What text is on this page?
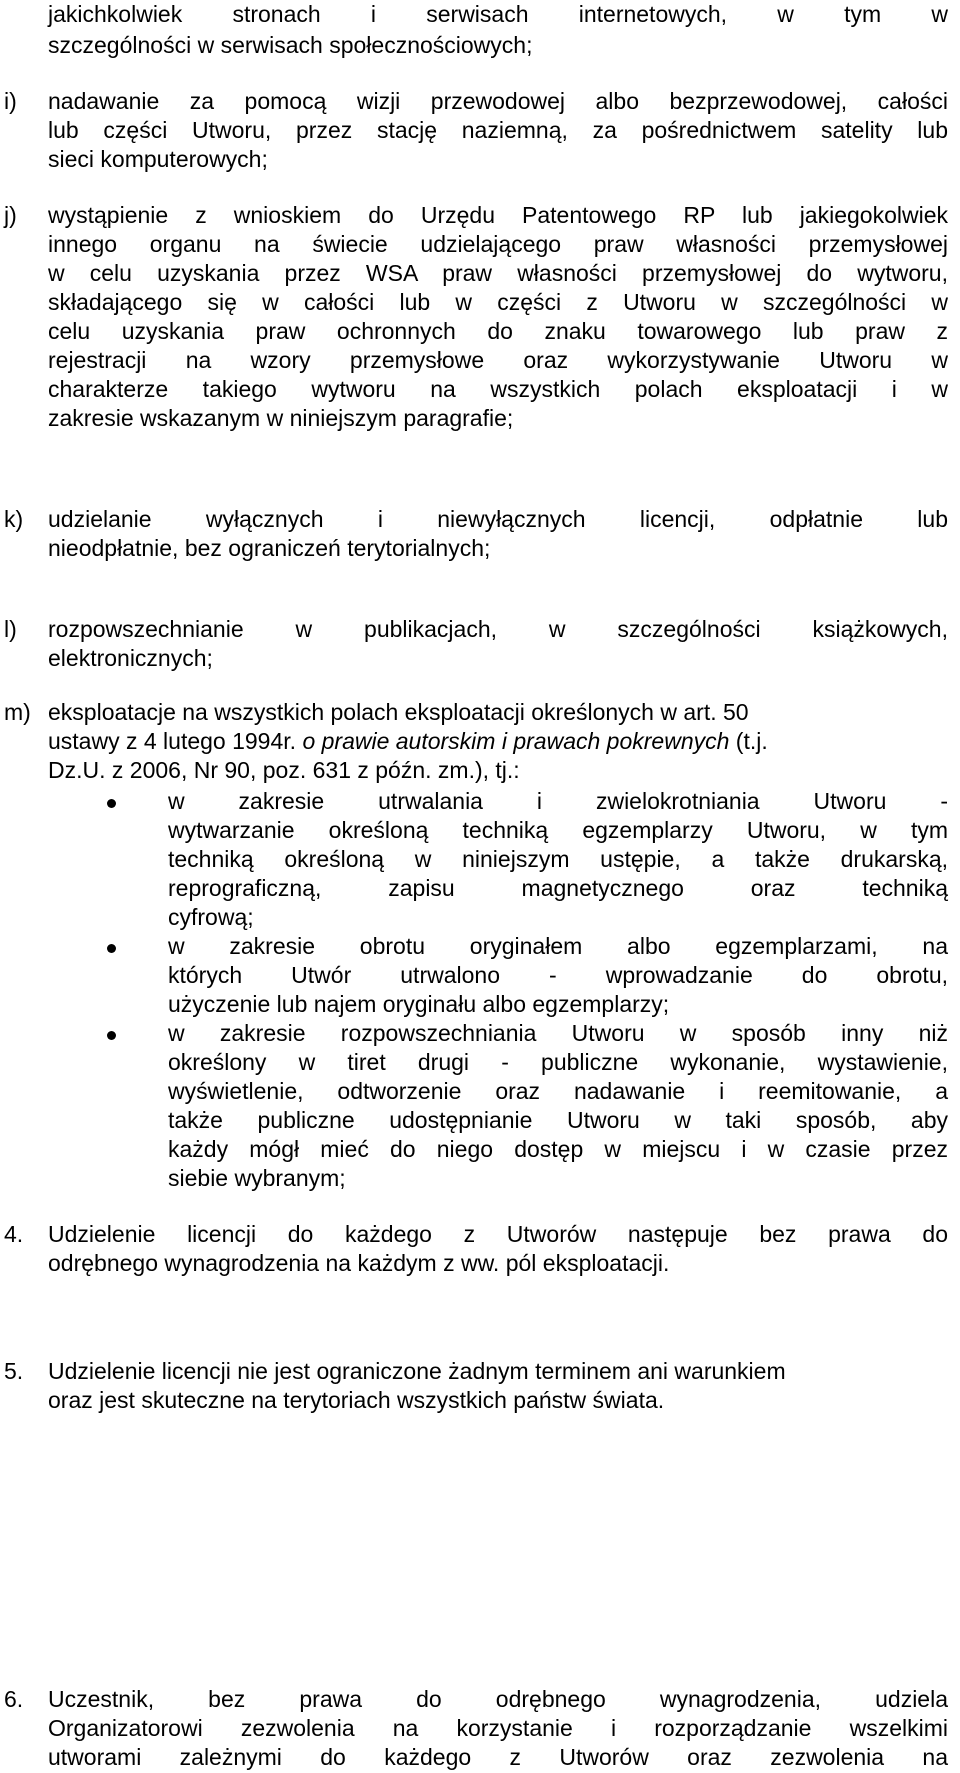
jakichkolwiek stronach i serwisach internetowych, w tym w
szczególności w serwisach społecznościowych;
i) nadawanie za pomocą wizji przewodowej albo bezprzewodowej, całości
lub części Utworu, przez stację naziemną, za pośrednictwem satelity lub
sieci komputerowych;
j) wystąpienie z wnioskiem do Urzędu Patentowego RP lub jakiegokolwiek
innego organu na świecie udzielającego praw własności przemysłowej
w celu uzyskania przez WSA praw własności przemysłowej do wytworu,
składającego się w całości lub w części z Utworu w szczególności w
celu uzyskania praw ochronnych do znaku towarowego lub praw z
rejestracji na wzory przemysłowe oraz wykorzystywanie Utworu w
charakterze takiego wytworu na wszystkich polach eksploatacji i w
zakresie wskazanym w niniejszym paragrafie;
k) udzielanie wyłącznych i niewyłącznych licencji, odpłatnie lub
nieodpłatnie, bez ograniczeń terytorialnych;
l) rozpowszechnianie w publikacjach, w szczególności książkowych,
elektronicznych;
m) eksploatacje na wszystkich polach eksploatacji określonych w art. 50
ustawy z 4 lutego 1994r. o prawie autorskim i prawach pokrewnych (t.j.
Dz.U. z 2006, Nr 90, poz. 631 z późn. zm.), tj.:
w zakresie utrwalania i zwielokrotniania Utworu -
wytwarzanie określoną techniką egzemplarzy Utworu, w tym
techniką określoną w niniejszym ustępie, a także drukarską,
reprograficzną, zapisu magnetycznego oraz techniką
cyfrową;
w zakresie obrotu oryginałem albo egzemplarzami, na
których Utwór utrwalono - wprowadzanie do obrotu,
użyczenie lub najem oryginału albo egzemplarzy;
w zakresie rozpowszechniania Utworu w sposób inny niż
określony w tiret drugi - publiczne wykonanie, wystawienie,
wyświetlenie, odtworzenie oraz nadawanie i reemitowanie, a
także publiczne udostępnianie Utworu w taki sposób, aby
każdy mógł mieć do niego dostęp w miejscu i w czasie przez
siebie wybranym;
4. Udzielenie licencji do każdego z Utworów następuje bez prawa do
odrębnego wynagrodzenia na każdym z ww. pól eksploatacji.
5. Udzielenie licencji nie jest ograniczone żadnym terminem ani warunkiem
oraz jest skuteczne na terytoriach wszystkich państw świata.
6. Uczestnik, bez prawa do odrębnego wynagrodzenia, udziela
Organizatorowi zezwolenia na korzystanie i rozporządzanie wszelkimi
utworami zależnymi do każdego z Utworów oraz zezwolenia na
